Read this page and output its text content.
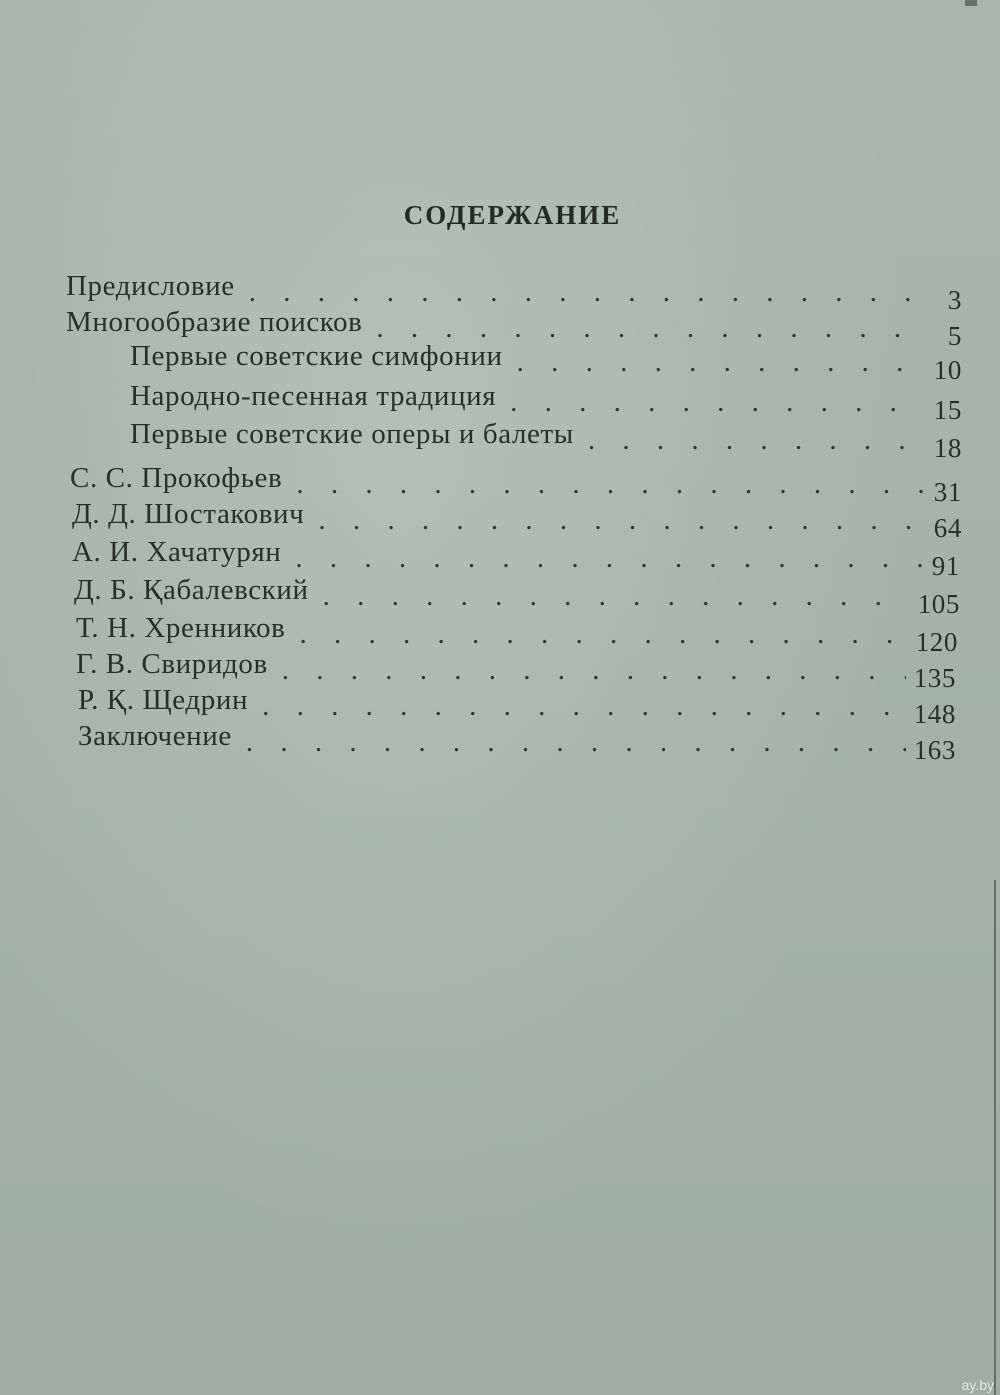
СОДЕРЖАНИЕ
Предисловие . . .	3
Многообразие поисков . . .	5
Первые советские симфонии . . .	10
Народно-песенная традиция . . .	15
Первые советские оперы и балеты . . .	18
С. С. Прокофьев . . .	31
Д. Д. Шостакович . . .	64
А. И. Хачатурян . . .	91
Д. Б. Қабалевский . . .	105
Т. Н. Хренников . . .	120
Г. В. Свиридов . . .	135
Р. Қ. Щедрин . . .	148
Заключение . . .	163
ay.by
